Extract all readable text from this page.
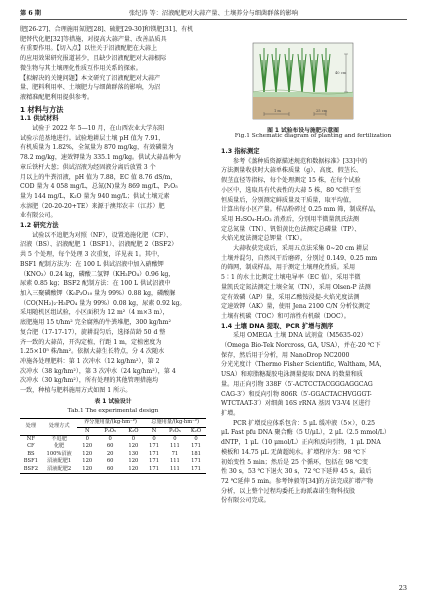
第 6 期	张纪涛 等：沼液配肥对大蒜产量、土壤养分与细菌群落的影响
肥[26-27]、合理施用氮肥[28]、硫肥[29-30]和镁肥[31]、有机
肥替代化肥[32]等措施，对提高大蒜产量、改善品质具
有重要作用。【切入点】以往关于沼液配肥在大蒜上
的应用效果研究报道甚少，且缺少沼液配肥对大蒜根际
微生物与其土壤理化性质互作用关系的探索。
【拟解决的关键问题】本文研究了沼液配肥对大蒜产
量、肥料利用率、土壤肥力与细菌群落的影响，为沼
液精准配肥利用提供参考。
1 材料与方法
1.1 供试材料
试验于 2022 年 5—10 月，在山西农业大学东阳
试验示范基地进行。试验地耕层土壤 pH 值为 7.91，
有机质量为 1.82%，全氮量为 870 mg/kg，有效磷量为
78.2 mg/kg，速效钾量为 335.1 mg/kg。供试大蒜品种为
章丘铁杆大葱；供试沼液为经固液分离后放置 3 个
月以上的牛粪沼液，pH 值为 7.88，EC 值 8.76 dS/m，
COD 量为 4 058 mg/L，总氮(N)量为 869 mg/L，P₂O₅
量为 144 mg/L，K₂O 量为 940 mg/L；供试土壤元素
水溶肥（20-20-20+TE）来源于澳邦农丰（江苏）肥
业有限公司。
1.2 研究方法
试验以不追肥为对照（NF），设置追施化肥（CF）、
沼液（BS）、沼液配肥 1（BSF1）、沼液配肥 2（BSF2）
共 5 个处理，每个处理 3 次重复，详见表 1。其中，
BSF1 配制方法为：在 100 L 供试沼液中加入硝酸钾
（KNO₃）0.24 kg，磷酸二氢钾（KH₂PO₄）0.96 kg，
尿素 0.85 kg；BSF2 配制方法：在 100 L 供试沼液中
加入三聚磷酸钾（K₅P₃O₁₀ 量为 99%）0.88 kg，磷酸脲
（CO(NH₂)₂·H₃PO₄ 量为 99%）0.08 kg，尿素 0.92 kg。
采用随机区组试验，小区面积为 12 m²（4 m×3 m），
底肥施用 15 t/hm² 完全腐熟的牛粪堆肥，300 kg/hm²
复合肥（17-17-17），旋耕混匀后，选择苗龄 50 d 整
齐一致的大蒜苗，开沟定植，行距 1 m，定植密度为
1.25×10⁵ 株/hm²。依据大蒜生长特点，分 4 次随水
冲施各处理肥料：第 1 次冲水（12 kg/hm²），第 2
次冲水（38 kg/hm²），第 3 次冲水（24 kg/hm²），第 4
次冲水（30 kg/hm²），所有处理的其他管理措施均
一致，种植与肥料施用方式如图 1 所示。
表 1 试验设计
Tab.1 The experimental design
处理	处理方式	养分施用量/(kg·hm⁻²)			总施用量/(kg·hm⁻²)		
		N	P₂O₅	K₂O	N	P₂O₅	K₂O
NF	不追肥	0	0	0	0	0	0
CF	化肥	120	60	120	171	111	171
BS	100%沼液	120	20	130	171	71	181
BSF1	沼液配肥1	120	60	120	171	111	171
BSF2	沼液配肥2	120	60	120	171	111	171
1 m	25 cm
40 cm
图 1 试验布设与施肥示意图
Fig.1 Schematic diagram of planting and fertilization
1.3 指标测定
参考《蒸种质资源描述规范和数据标准》[33]中的
方法测量收获时大蒜单株质量（g）、高度、假茎长、
假茎直径等指标，每个处理测定 15 株，在每个试验
小区中，选取具有代表性的大蒜 5 株，80 ℃烘干至
恒质量后，分别测定鲜质量及干质量，取平均值，
计算出每小区产量。样品粉碎过 0.25 mm 筛，制成样品，
采用 H₂SO₄-H₂O₂ 消煮后，分别用半微量凯氏法测
定总氮量（TN）、钒钼黄比色法测定总磷量（TP）、
火焰光度法测定总钾量（TK）。
大蒜收获完成后，采用五点法采集 0~20 cm 耕层
土壤并混匀，自然风干后磨碎，分别过 0.149、0.25 mm
的筛网，制成样品，用于测定土壤理化性质。采用
5∶1 的水土比测定土壤电导率（EC 值），采用半微
量凯氏定氮法测定土壤全氮（TN），采用 Olsen-P 法测
定有效磷（AP）量，采用乙酸铵浸提-火焰光度法测
定速效钾（AK）量，使用 Jena 2100 C/N 分析仪测定
土壤有机碳（TOC）和可溶性有机碳（DOC）。
1.4 土壤 DNA 提取、PCR 扩增与测序
采用 OMEGA 土壤 DNA 试剂盒（M5635-02）
（Omega Bio-Tek Norcross, GA, USA），并在-20 ℃下
保存，然后用于分析，用 NanoDrop NC2000
分光光度计（Thermo Fisher Scientific, Waltham, MA,
USA）和琼脂糖凝胶电泳测量提取 DNA 的数量和质
量。用正向引物 338F（5′-ACTCCTACGGGAGGCAG
CAG-3′）和反向引物 806R（5′-GGACTACHVGGGT-
WTCTAAT-3′）对细菌 16S rRNA 基因 V3-V4 区进行
扩增。
PCR 扩增反应体系包含：5 μL 缓冲液（5×），0.25
μL Fast pfu DNA 聚合酶（5 U/μL），2 μL（2.5 mmol/L）
dNTP，1 μL（10 μmol/L）正向和反向引物，1 μL DNA
模板和 14.75 μL 无菌超纯水。扩增程序为：98 ℃下
初始变性 5 min；然后是 25 个循环，包括在 98 ℃变
性 30 s，53 ℃下退火 30 s，72 ℃下延伸 45 s，最后
72 ℃延伸 5 min。参考钟毅等[34]的方法完成扩增产物
分析，以上整个过程均委托上海派森诺生物科技股
份有限公司完成。
23
